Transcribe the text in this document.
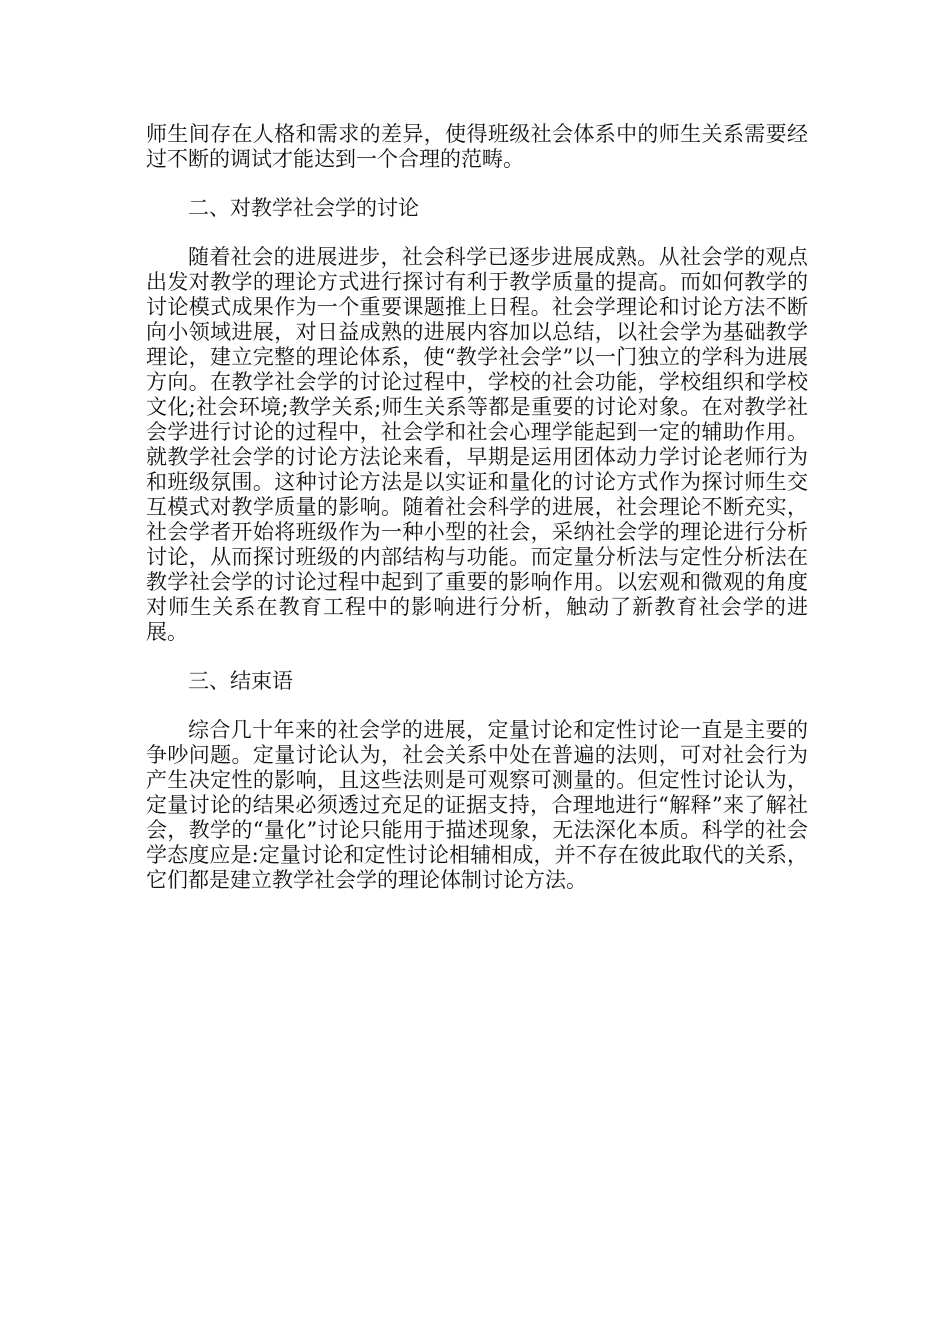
师生间存在人格和需求的差异，使得班级社会体系中的师生关系需要经过不断的调试才能达到一个合理的范畴。

二、对教学社会学的讨论

随着社会的进展进步，社会科学已逐步进展成熟。从社会学的观点出发对教学的理论方式进行探讨有利于教学质量的提高。而如何教学的讨论模式成果作为一个重要课题推上日程。社会学理论和讨论方法不断向小领域进展，对日益成熟的进展内容加以总结，以社会学为基础教学理论，建立完整的理论体系，使“教学社会学”以一门独立的学科为进展方向。在教学社会学的讨论过程中，学校的社会功能，学校组织和学校文化;社会环境;教学关系;师生关系等都是重要的讨论对象。在对教学社会学进行讨论的过程中，社会学和社会心理学能起到一定的辅助作用。就教学社会学的讨论方法论来看，早期是运用团体动力学讨论老师行为和班级氛围。这种讨论方法是以实证和量化的讨论方式作为探讨师生交互模式对教学质量的影响。随着社会科学的进展，社会理论不断充实，社会学者开始将班级作为一种小型的社会，采纳社会学的理论进行分析讨论，从而探讨班级的内部结构与功能。而定量分析法与定性分析法在教学社会学的讨论过程中起到了重要的影响作用。以宏观和微观的角度对师生关系在教育工程中的影响进行分析，触动了新教育社会学的进展。

三、结束语

综合几十年来的社会学的进展，定量讨论和定性讨论一直是主要的争吵问题。定量讨论认为，社会关系中处在普遍的法则，可对社会行为产生决定性的影响，且这些法则是可观察可测量的。但定性讨论认为，定量讨论的结果必须透过充足的证据支持，合理地进行“解释”来了解社会，教学的“量化”讨论只能用于描述现象，无法深化本质。科学的社会学态度应是:定量讨论和定性讨论相辅相成，并不存在彼此取代的关系，它们都是建立教学社会学的理论体制讨论方法。
